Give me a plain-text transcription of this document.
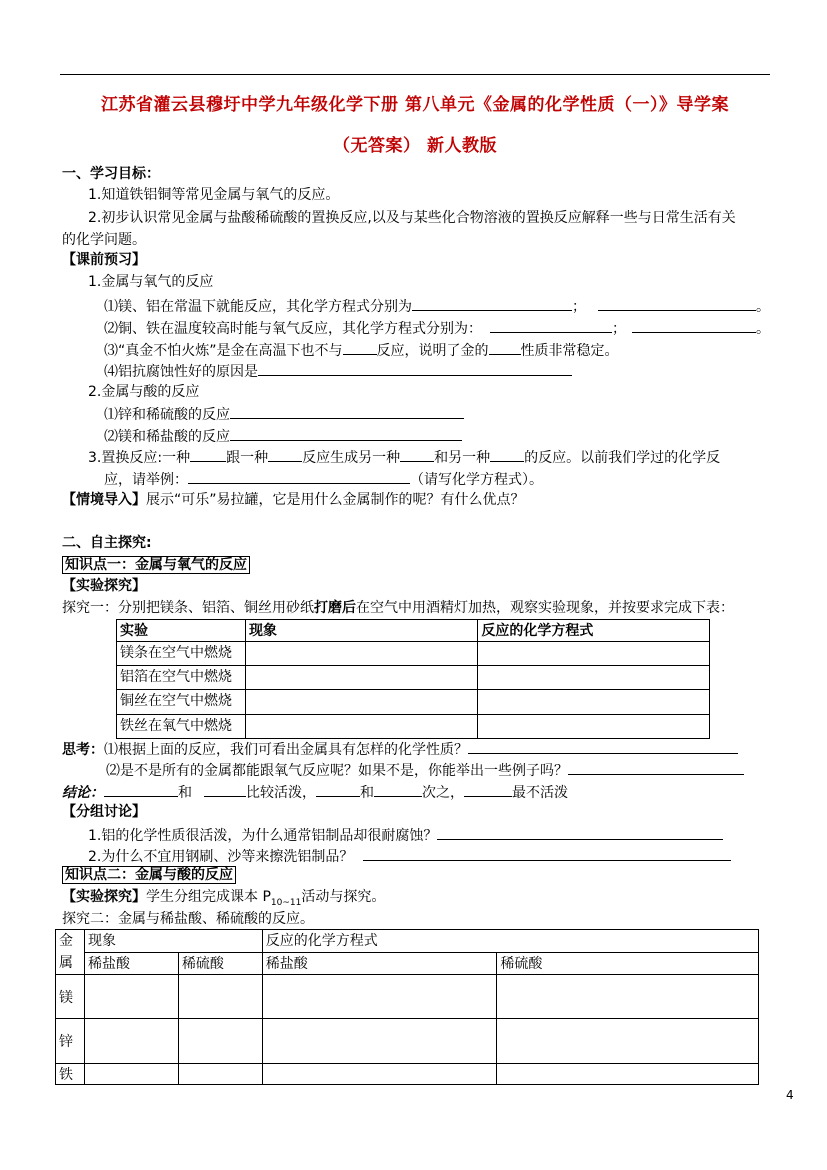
江苏省灌云县穆圩中学九年级化学下册 第八单元《金属的化学性质（一）》导学案
（无答案） 新人教版
一、学习目标：
1.知道铁铝铜等常见金属与氧气的反应。
2.初步认识常见金属与盐酸稀硫酸的置换反应,以及与某些化合物溶液的置换反应解释一些与日常生活有关
的化学问题。
【课前预习】
1.金属与氧气的反应
⑴镁、铝在常温下就能反应，其化学方程式分别为	；	。
⑵铜、铁在温度较高时能与氧气反应，其化学方程式分别为：	；	。
⑶“真金不怕火炼”是金在高温下也不与 反应，说明了金的 性质非常稳定。
⑷铝抗腐蚀性好的原因是
2.金属与酸的反应
⑴锌和稀硫酸的反应
⑵镁和稀盐酸的反应
3.置换反应:一种	跟一种 反应生成另一种 和另一种 的反应。以前我们学过的化学反
应，请举例：	（请写化学方程式）。
【情境导入】展示“可乐”易拉罐，它是用什么金属制作的呢？有什么优点？
二、自主探究:
知识点一：金属与氧气的反应
【实验探究】
探究一：分别把镁条、铝箔、铜丝用砂纸打磨后在空气中用酒精灯加热，观察实验现象，并按要求完成下表：
实验	现象	反应的化学方程式
镁条在空气中燃烧		
铝箔在空气中燃烧		
铜丝在空气中燃烧		
铁丝在氧气中燃烧		
思考：⑴根据上面的反应，我们可看出金属具有怎样的化学性质？
⑵是不是所有的金属都能跟氧气反应呢？如果不是，你能举出一些例子吗？
结论：	和	比较活泼，	和	次之，	最不活泼
【分组讨论】
1.铝的化学性质很活泼，为什么通常铝制品却很耐腐蚀？
2.为什么不宜用钢刷、沙等来擦洗铝制品？
知识点二：金属与酸的反应
【实验探究】学生分组完成课本 $P_{10\sim 11}$活动与探究。
探究二：金属与稀盐酸、稀硫酸的反应。
金
属	现象		反应的化学方程式	
	稀盐酸	稀硫酸	稀盐酸	稀硫酸
镁				
锌				
铁				
4
